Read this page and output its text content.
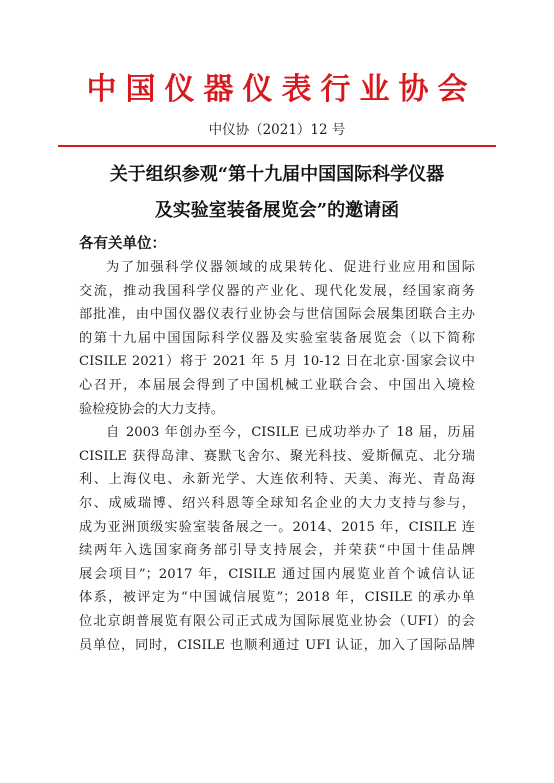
中国仪器仪表行业协会
中仪协（2021）12 号
关于组织参观“第十九届中国国际科学仪器
及实验室装备展览会”的邀请函
各有关单位：
为了加强科学仪器领域的成果转化、促进行业应用和国际
交流，推动我国科学仪器的产业化、现代化发展，经国家商务
部批准，由中国仪器仪表行业协会与世信国际会展集团联合主办
的第十九届中国国际科学仪器及实验室装备展览会（以下简称
CISILE 2021）将于 2021 年 5 月 10-12 日在北京·国家会议中
心召开，本届展会得到了中国机械工业联合会、中国出入境检
验检疫协会的大力支持。
自 2003 年创办至今，CISILE 已成功举办了 18 届，历届
CISILE 获得岛津、赛默飞舍尔、聚光科技、爱斯佩克、北分瑞
利、上海仪电、永新光学、大连依利特、天美、海光、青岛海
尔、成威瑞博、绍兴科恩等全球知名企业的大力支持与参与，
成为亚洲顶级实验室装备展之一。2014、2015 年，CISILE 连
续两年入选国家商务部引导支持展会，并荣获“中国十佳品牌
展会项目”；2017 年，CISILE 通过国内展览业首个诚信认证
体系，被评定为“中国诚信展览”；2018 年，CISILE 的承办单
位北京朗普展览有限公司正式成为国际展览业协会（UFI）的会
员单位，同时，CISILE 也顺利通过 UFI 认证，加入了国际品牌
